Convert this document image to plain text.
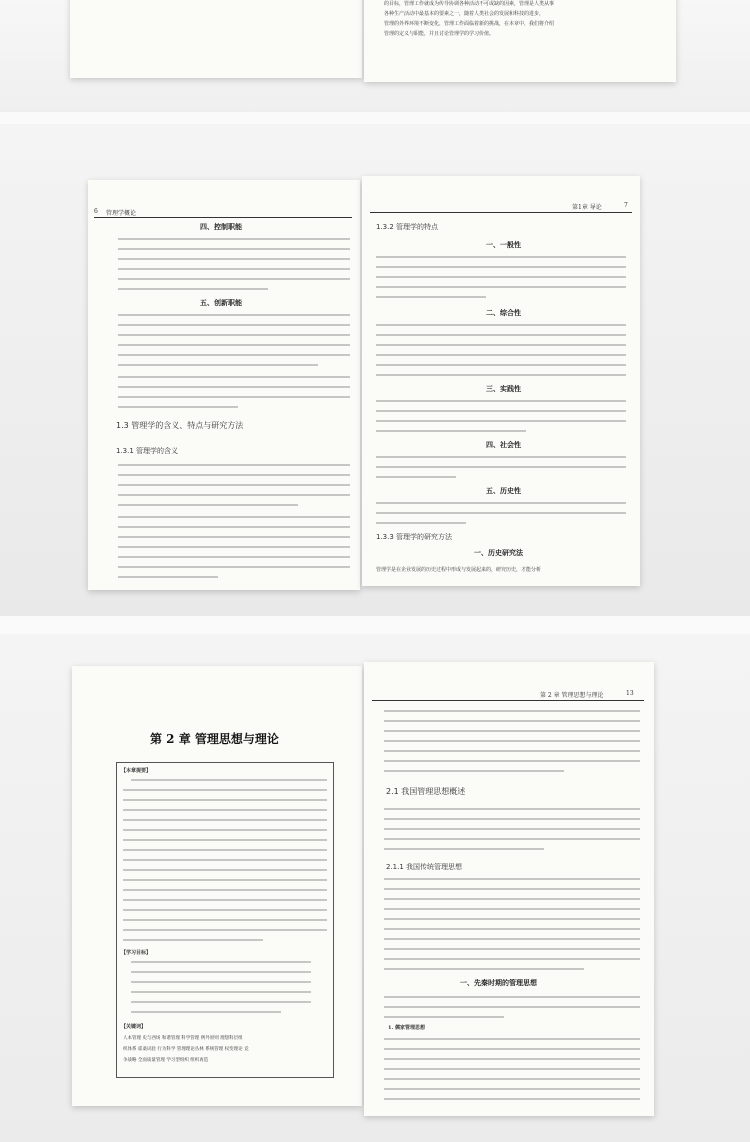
的目标，管理工作就成为传导协调各种活动不可或缺的因素，管理是人类从事
各种生产活动中最基本的要素之一，随着人类社会的发展和科技的进步，
管理的外界环境不断变化，管理工作面临着新的挑战，在本章中，我们将介绍
管理的定义与职能，并且讨论管理学的学习价值。
6 管理学概论
四、控制职能
五、创新职能
1.3 管理学的含义、特点与研究方法
1.3.1 管理学的含义
第1章 导论	7
1.3.2 管理学的特点
一、一般性
二、综合性
三、实践性
四、社会性
五、历史性
1.3.3 管理学的研究方法
一、历史研究法
管理学是在企业发展的历史过程中形成与发展起来的，研究历史，才能分析
第 2 章 管理思想与理论
【本章提要】
【学习目标】
【关键词】
人本管理 史与西场 和谐管理 科学管理 例外原则 理想科层组
织体系 霍桑试验 行为科学 管理理论丛林 系统管理 权变理论 竞
争战略 全面质量管理 学习型组织 组织再造
第 2 章 管理思想与理论	13
2.1 我国管理思想概述
2.1.1 我国传统管理思想
一、先秦时期的管理思想
1. 儒家管理思想
